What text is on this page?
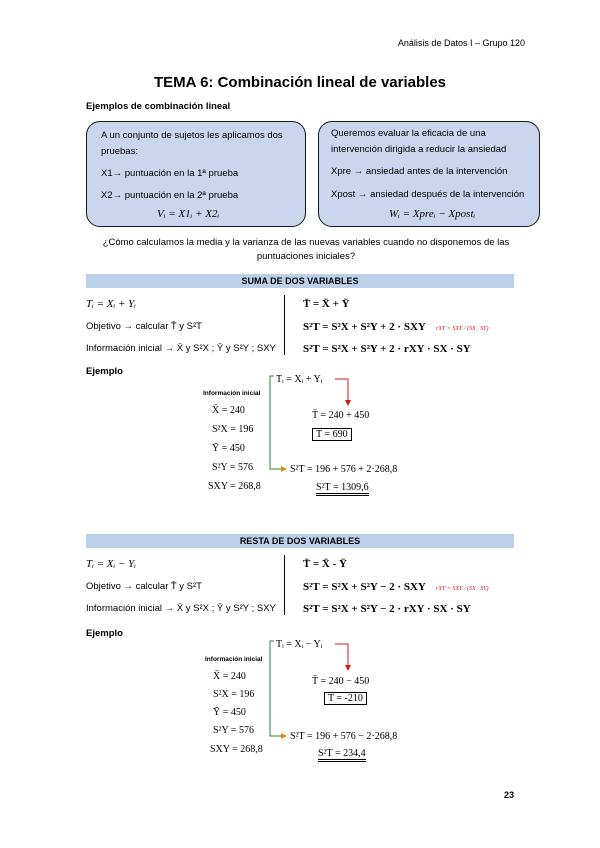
Análisis de Datos I – Grupo 120
TEMA 6: Combinación lineal de variables
Ejemplos de combinación lineal

A un conjunto de sujetos les aplicamos dos

pruebas:

X1→ puntuación en la 1ª prueba

X2→ puntuación en la 2ª prueba

Vᵢ = X1ᵢ + X2ᵢ

Queremos evaluar la eficacia de una

intervención dirigida a reducir la ansiedad

Xpre → ansiedad antes de la intervención

Xpost → ansiedad después de la intervención

Wᵢ = Xpreᵢ − Xpostᵢ

¿Cómo calculamos la media y la varianza de las nuevas variables cuando no disponemos de las
puntuaciones iniciales?
SUMA DE DOS VARIABLES
Tᵢ = Xᵢ + Yᵢ
Objetivo → calcular T̄ y S²T
Información inicial → X̄ y S²X ; Ȳ y S²Y ; SXY
T̄ = X̄ + Ȳ
S²T = S²X + S²Y + 2 · SXY rXY = SXY / (SX · SY)
S²T = S²X + S²Y + 2 · rXY · SX · SY
Ejemplo
Información inicial
X̄ = 240
S²X = 196
Ȳ = 450
S²Y = 576
SXY = 268,8
Tᵢ = Xᵢ + Yᵢ
T̄ = 240 + 450
T̄ = 690
S²T = 196 + 576 + 2·268,8
S²T = 1309,6
RESTA DE DOS VARIABLES
Tᵢ = Xᵢ − Yᵢ
Objetivo → calcular T̄ y S²T
Información inicial → X̄ y S²X ; Ȳ y S²Y ; SXY
T̄ = X̄ - Ȳ
S²T = S²X + S²Y − 2 · SXY rXY = SXY / (SX · SY)
S²T = S²X + S²Y − 2 · rXY · SX · SY
Ejemplo
Información inicial
X̄ = 240
S²X = 196
Ȳ = 450
S²Y = 576
SXY = 268,8
Tᵢ = Xᵢ − Yᵢ
T̄ = 240 − 450
T̄ = -210
S²T = 196 + 576 − 2·268,8
S²T = 234,4
23
